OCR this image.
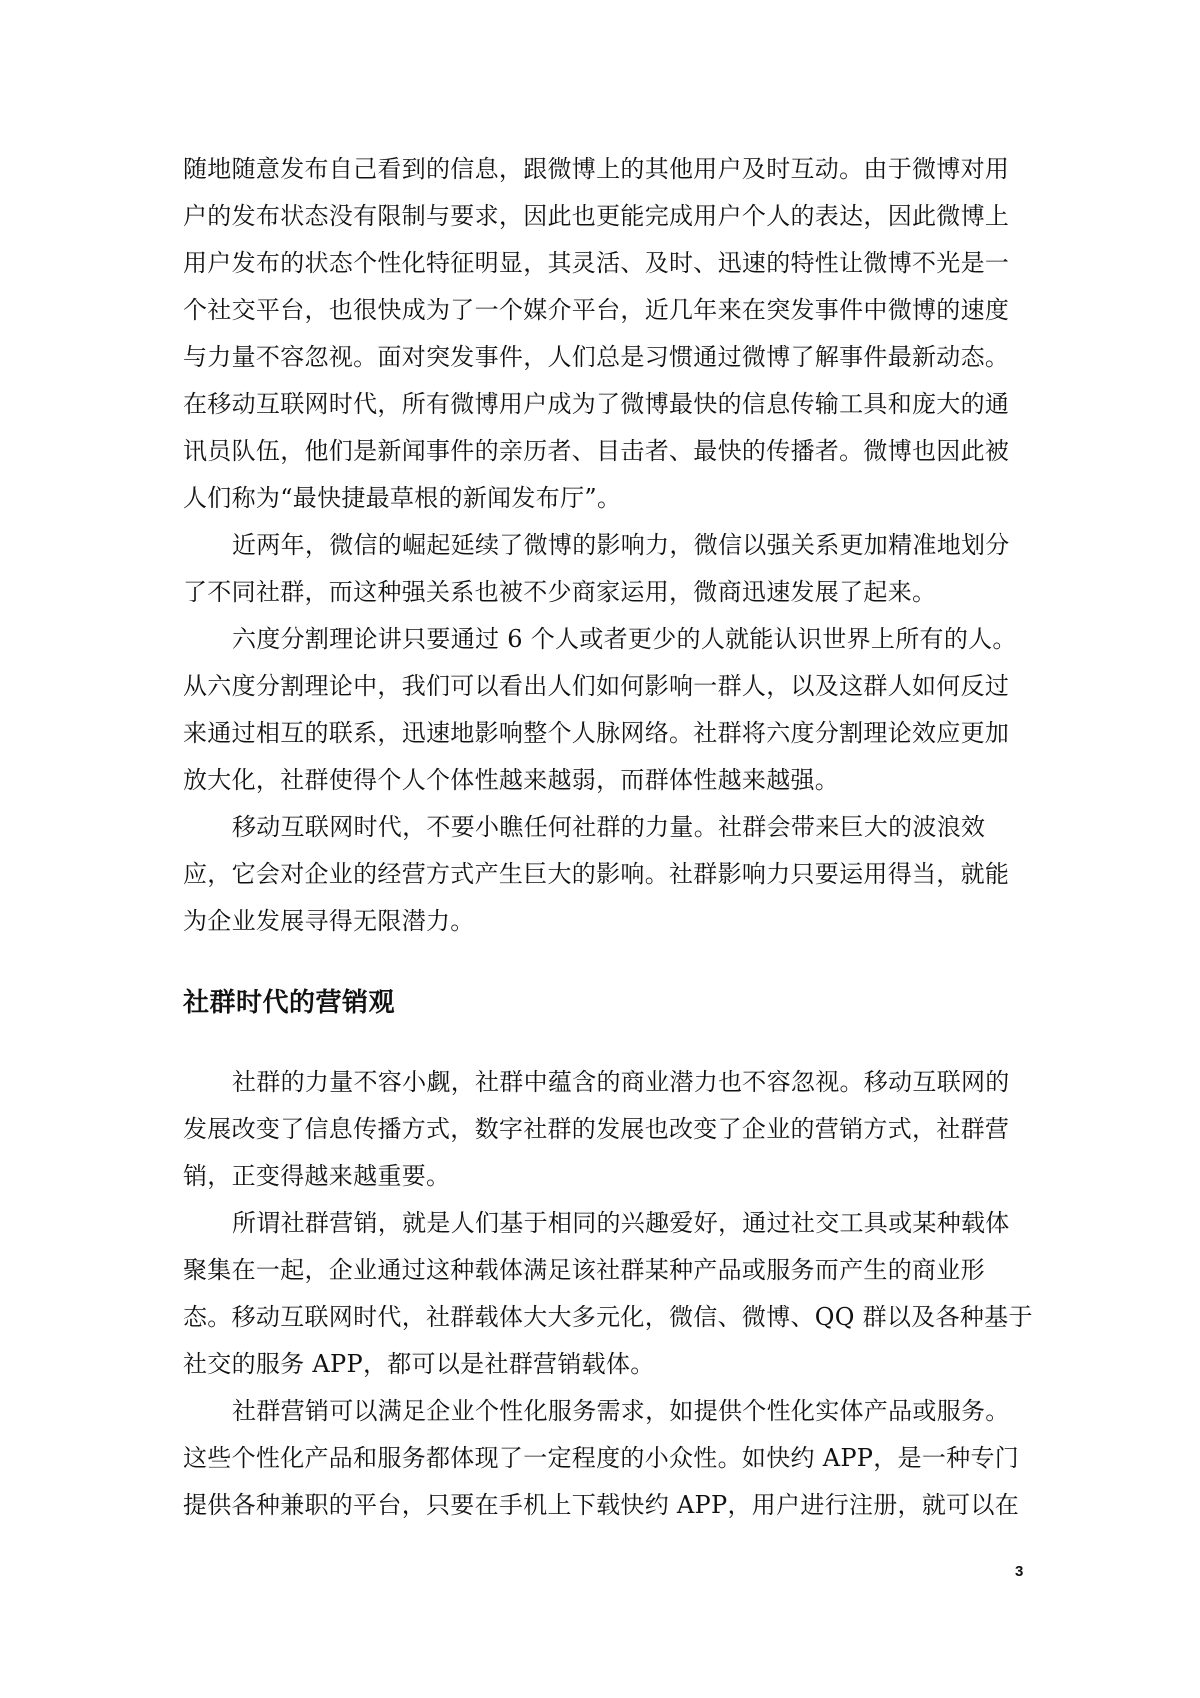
随地随意发布自己看到的信息，跟微博上的其他用户及时互动。由于微博对用
户的发布状态没有限制与要求，因此也更能完成用户个人的表达，因此微博上
用户发布的状态个性化特征明显，其灵活、及时、迅速的特性让微博不光是一
个社交平台，也很快成为了一个媒介平台，近几年来在突发事件中微博的速度
与力量不容忽视。面对突发事件，人们总是习惯通过微博了解事件最新动态。
在移动互联网时代，所有微博用户成为了微博最快的信息传输工具和庞大的通
讯员队伍，他们是新闻事件的亲历者、目击者、最快的传播者。微博也因此被
人们称为“最快捷最草根的新闻发布厅”。
近两年，微信的崛起延续了微博的影响力，微信以强关系更加精准地划分
了不同社群，而这种强关系也被不少商家运用，微商迅速发展了起来。
六度分割理论讲只要通过 6 个人或者更少的人就能认识世界上所有的人。
从六度分割理论中，我们可以看出人们如何影响一群人，以及这群人如何反过
来通过相互的联系，迅速地影响整个人脉网络。社群将六度分割理论效应更加
放大化，社群使得个人个体性越来越弱，而群体性越来越强。
移动互联网时代，不要小瞧任何社群的力量。社群会带来巨大的波浪效
应，它会对企业的经营方式产生巨大的影响。社群影响力只要运用得当，就能
为企业发展寻得无限潜力。
社群时代的营销观
社群的力量不容小觑，社群中蕴含的商业潜力也不容忽视。移动互联网的
发展改变了信息传播方式，数字社群的发展也改变了企业的营销方式，社群营
销，正变得越来越重要。
所谓社群营销，就是人们基于相同的兴趣爱好，通过社交工具或某种载体
聚集在一起，企业通过这种载体满足该社群某种产品或服务而产生的商业形
态。移动互联网时代，社群载体大大多元化，微信、微博、QQ 群以及各种基于
社交的服务 APP，都可以是社群营销载体。
社群营销可以满足企业个性化服务需求，如提供个性化实体产品或服务。
这些个性化产品和服务都体现了一定程度的小众性。如快约 APP，是一种专门
提供各种兼职的平台，只要在手机上下载快约 APP，用户进行注册，就可以在
3
